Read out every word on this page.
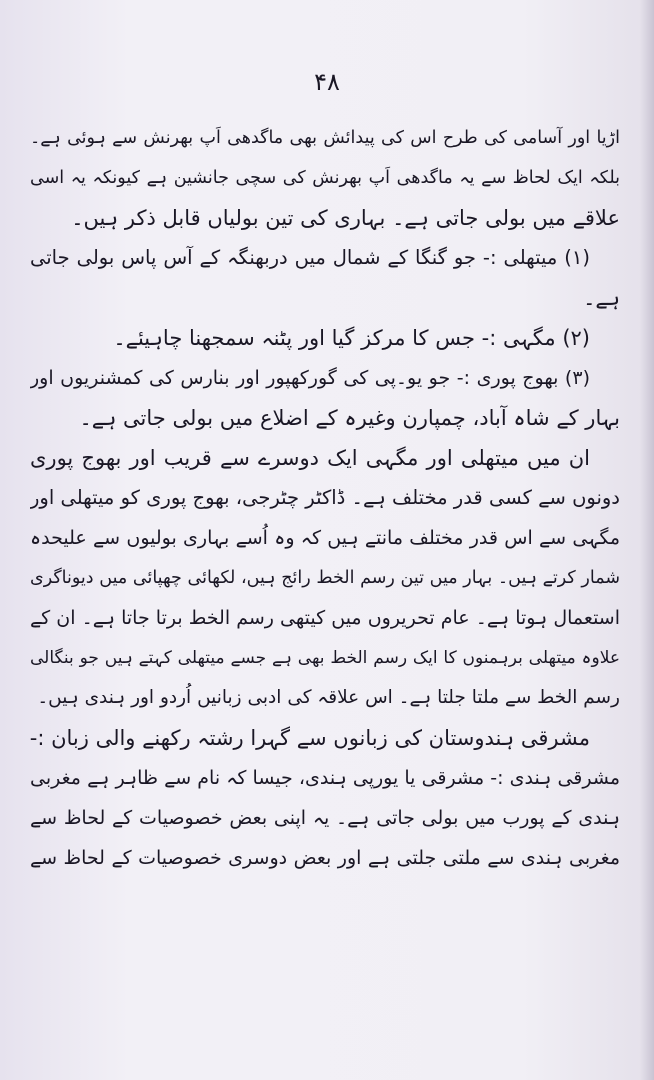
۴۸
اڑیا اور آسامی کی طرح اس کی پیدائش بھی ماگدھی اَپ بھرنش سے ہوئی ہے۔
بلکہ ایک لحاظ سے یہ ماگدھی اَپ بھرنش کی سچی جانشین ہے کیونکہ یہ اسی
علاقے میں بولی جاتی ہے۔ بہاری کی تین بولیاں قابل ذکر ہیں۔
(۱) میتھلی :- جو گنگا کے شمال میں دربھنگہ کے آس پاس بولی جاتی
ہے۔
(۲) مگہی :- جس کا مرکز گیا اور پٹنہ سمجھنا چاہیئے۔
(۳) بھوج پوری :- جو یو۔پی کی گورکھپور اور بنارس کی کمشنریوں اور
بہار کے شاہ آباد، چمپارن وغیرہ کے اضلاع میں بولی جاتی ہے۔
ان میں میتھلی اور مگہی ایک دوسرے سے قریب اور بھوج پوری
دونوں سے کسی قدر مختلف ہے۔ ڈاکٹر چٹرجی، بھوج پوری کو میتھلی اور
مگہی سے اس قدر مختلف مانتے ہیں کہ وہ اُسے بہاری بولیوں سے علیحدہ
شمار کرتے ہیں۔ بہار میں تین رسم الخط رائج ہیں، لکھائی چھپائی میں دیوناگری
استعمال ہوتا ہے۔ عام تحریروں میں کیتھی رسم الخط برتا جاتا ہے۔ ان کے
علاوہ میتھلی برہمنوں کا ایک رسم الخط بھی ہے جسے میتھلی کہتے ہیں جو بنگالی
رسم الخط سے ملتا جلتا ہے۔ اس علاقہ کی ادبی زبانیں اُردو اور ہندی ہیں۔
مشرقی ہندوستان کی زبانوں سے گہرا رشتہ رکھنے والی زبان :-
مشرقی ہندی :- مشرقی یا یورپی ہندی، جیسا کہ نام سے ظاہر ہے مغربی
ہندی کے پورب میں بولی جاتی ہے۔ یہ اپنی بعض خصوصیات کے لحاظ سے
مغربی ہندی سے ملتی جلتی ہے اور بعض دوسری خصوصیات کے لحاظ سے
